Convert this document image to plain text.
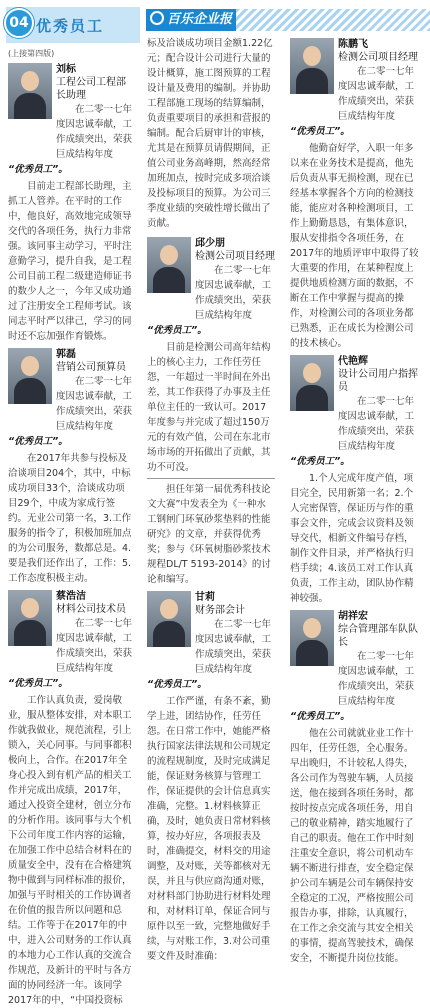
04 优秀员工	百乐企业报
(上接第四版)
刘标
工程公司工程部长助理

在二零一七年度因忠诚奉献，工作成绩突出，荣获巨成结构年度

“优秀员工”。

目前走工程部长助理，主抓工人管养。在平时的工作中，他良好，高效地完成领导交代的各项任务，执行力非常强。该同事主动学习，平时注意勤学习，提升自我，是工程公司目前工程二级建造师证书的数少人之一，今年又成功通过了注册安全工程师考试。该同志平时严以律己，学习的同时还不忘加强作育锻炼。

郭磊
营销公司预算员

在二零一七年度因忠诚奉献，工作成绩突出，荣获巨成结构年度

“优秀员工”。

在2017年共参与投标及洽谈项目204个，其中，中标成功项目33个，洽谈成功项目29个，中成为家成行签约。无业公司第一名，3.工作服务的指令了，积极加班加点的为公司服务，数都总是。4.要是我们还作出了，工作：5.工作态度积极主动。

蔡浩洁
材料公司技术员

在二零一七年度因忠诚奉献，工作成绩突出，荣获巨成结构年度

“优秀员工”。

工作认真负责，爱岗敬业，服从整体安排，对本职工作就我做业，规范流程，引上锁入，关心同事。与同事都积极向上，合作。在2017年全身心投入到有机产品的相关工作并完成出成绩，2017年，通过入投资全建材，创立分布的分析作用。该同事与大个机下公司年度工作内容的运输，在加强工作中总结合材料在的质量安全中，没有在合格建筑物中做到与同样标准的报价，加强与平时相关的工作协调者在价值的报告所以问题和总结。工作等于在2017年的中中，进入公司财务的工作认真的本地力心工作认真的交流合作规范，及新计的平时与各方面的协同经济一年。该同学2017年的中，“中国投资标

标及洽谈成功项目金额1.22亿元；配合设计公司进行大量的设计概算，施工图预算的工程设计量及费用的编制。并协助工程部施工现场的结算编制，负责重要项目的承担和营报的编制。配合后厨审计的审核，尤其是在预算员请假期间，正值公司业务高峰期，然高经常加班加点，按时完成多项洽谈及投标项目的预算。为公司三季度业绩的突破性增长做出了贡献。

邱少朋
检测公司项目经理

在二零一七年度因忠诚奉献，工作成绩突出，荣获巨成结构年度

“优秀员工”。

目前是检测公司高年结构上的核心主力，工作任劳任怨，一年超过一半时间在外出差，其工作获得了办事及主任单位主任的一致认可。2017年度参与并完成了超过150万元的有效产值，公司在东北市场市场的开拓做出了贡献，其功不可没。

担任年第一届优秀科技论文大赛”中发表全为《一种水工钢闸门环氧砂浆垫料的性能研究》的文章，并获得优秀奖；参与《环氧树脂砂浆技术规程DL/T 5193-2014》的讨论和编写。

甘莉
财务部会计

在二零一七年度因忠诚奉献，工作成绩突出，荣获巨成结构年度

“优秀员工”。

工作严谨，有条不紊，勤学上进，团结协作，任劳任怨。在日常工作中，她能严格执行国家法律法规和公司规定的流程规制度，及时完成满足能，保证财务核算与管理工作，保证提供的会计信息真实准确，完整。1.材料核算正确，及时，她负责日常材料核算，按办好应，各项报表及时，准确提交，材料交的用途调整，及对账，关等都核对无误，并且与供应商沟通对账，对材料部门协助进行材料处理和，对材料订单，保证合同与原件以至一致，完整地做好手续，与对账工作，3.对公司重要文件及时准确：

陈鹏飞
检测公司项目经理

在二零一七年度因忠诚奉献，工作成绩突出，荣获巨成结构年度

“优秀员工”。

他勤奋好学，入职一年多以来在业务技术是提高，他先后负责从事无损检测，现在已经基本掌握各个方向的检测技能，能应对各种检测项目，工作上勤勤恳恳，有集体意识，服从安排指令各项任务，在2017年的地质评审中取得了较大重要的作用，在某种程度上提供地质检测方面的数据，不断在工作中掌握与提高的操作，对检测公司的各项业务都已熟悉，正在成长为检测公司的技术核心。

代艳辉
设计公司用户指挥员

在二零一七年度因忠诚奉献，工作成绩突出，荣获巨成结构年度

“优秀员工”。

1.个人完成年度产值，项目完全，民用新第一名；2.个人完密保管，保证历与作的重事会文件，完成会议资料及领导交代，相新文件编号存档，制作文件目录，并严格执行归档手续；4.该员工对工作认真负责，工作主动，团队协作精神较强。

胡祥宏
综合管理部车队队长

在二零一七年度因忠诚奉献，工作成绩突出，荣获巨成结构年度

“优秀员工”。

他在公司就就业业工作十四年，任劳任怨，全心服务。早出晚归，不计较私人得失，各公司作为驾驶车辆，人员接送，他在接到各项任务时，都按时按点完成各项任务，用自己的敬业精神，踏实地履行了自己的职责。他在工作中时刻注重安全意识，将公司机动车辆不断进行排查，安全稳定保护公司车辆是公司车辆保持安全稳定的工况，严格按照公司报告办事，排除，认真履行，在工作之余交流与其安全相关的事情，提高驾驶技术，确保安全，不断提升岗位技能。
